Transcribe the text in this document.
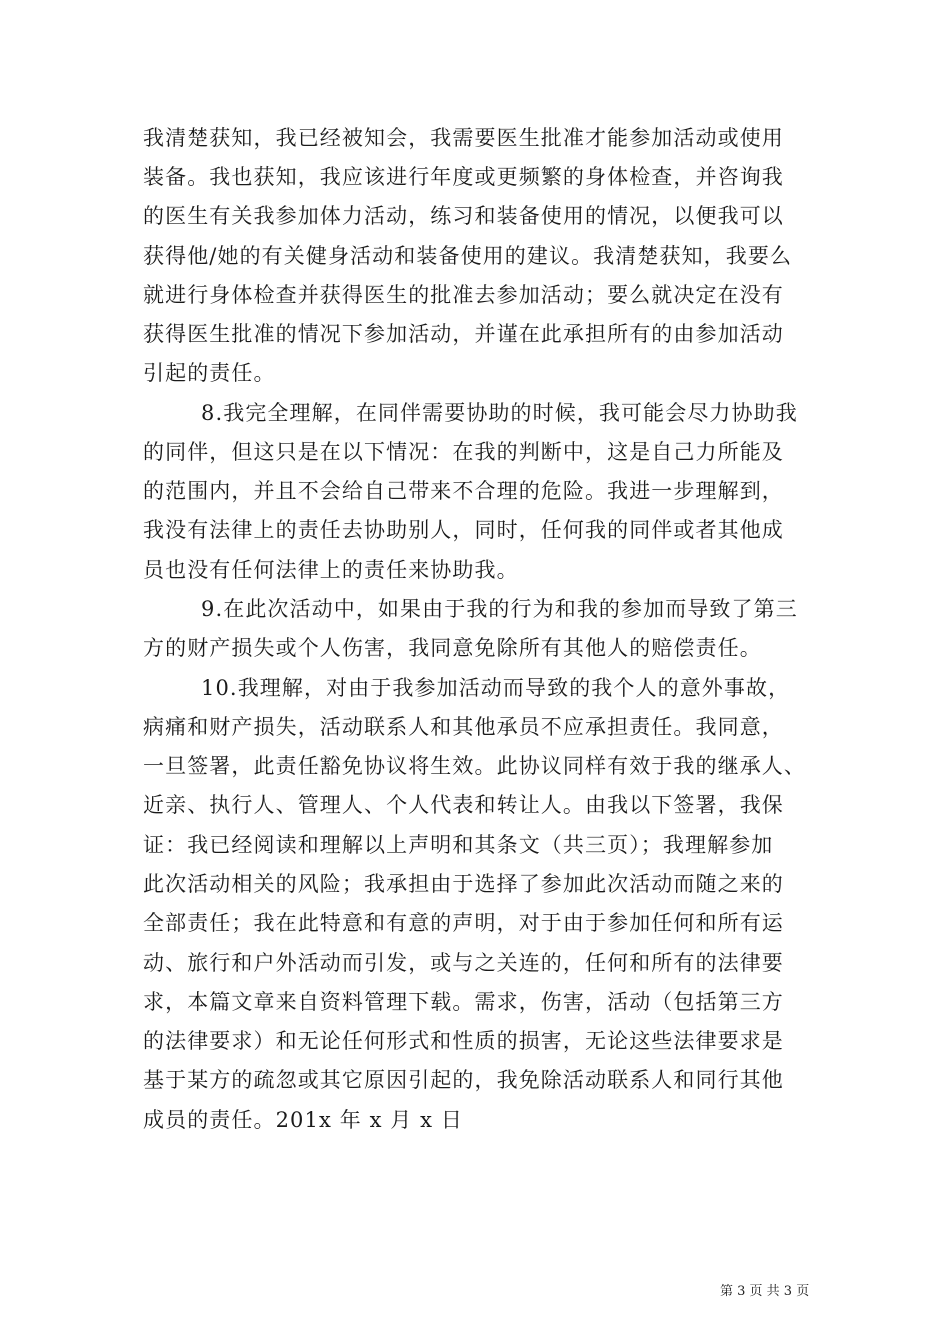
我清楚获知，我已经被知会，我需要医生批准才能参加活动或使用
装备。我也获知，我应该进行年度或更频繁的身体检查，并咨询我
的医生有关我参加体力活动，练习和装备使用的情况，以便我可以
获得他/她的有关健身活动和装备使用的建议。我清楚获知，我要么
就进行身体检查并获得医生的批准去参加活动；要么就决定在没有
获得医生批准的情况下参加活动，并谨在此承担所有的由参加活动
引起的责任。
8.我完全理解，在同伴需要协助的时候，我可能会尽力协助我
的同伴，但这只是在以下情况：在我的判断中，这是自己力所能及
的范围内，并且不会给自己带来不合理的危险。我进一步理解到，
我没有法律上的责任去协助别人，同时，任何我的同伴或者其他成
员也没有任何法律上的责任来协助我。
9.在此次活动中，如果由于我的行为和我的参加而导致了第三
方的财产损失或个人伤害，我同意免除所有其他人的赔偿责任。
10.我理解，对由于我参加活动而导致的我个人的意外事故，
病痛和财产损失，活动联系人和其他承员不应承担责任。我同意，
一旦签署，此责任豁免协议将生效。此协议同样有效于我的继承人、
近亲、执行人、管理人、个人代表和转让人。由我以下签署，我保
证：我已经阅读和理解以上声明和其条文（共三页）；我理解参加
此次活动相关的风险；我承担由于选择了参加此次活动而随之来的
全部责任；我在此特意和有意的声明，对于由于参加任何和所有运
动、旅行和户外活动而引发，或与之关连的，任何和所有的法律要
求，本篇文章来自资料管理下载。需求，伤害，活动（包括第三方
的法律要求）和无论任何形式和性质的损害，无论这些法律要求是
基于某方的疏忽或其它原因引起的，我免除活动联系人和同行其他
成员的责任。201x 年 x 月 x 日
第 3 页 共 3 页
